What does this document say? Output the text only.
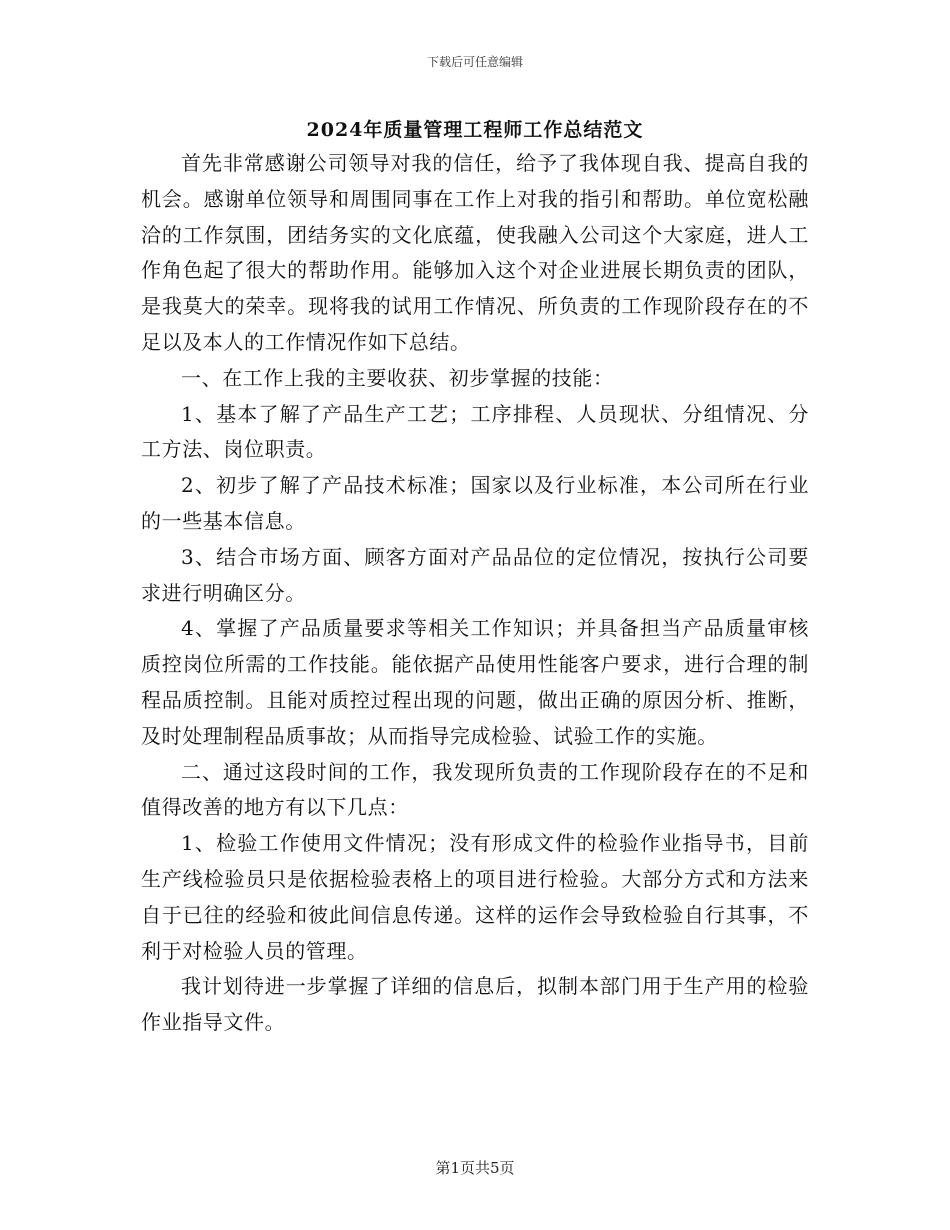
下载后可任意编辑
2024年质量管理工程师工作总结范文

首先非常感谢公司领导对我的信任，给予了我体现自我、提高自我的机会。感谢单位领导和周围同事在工作上对我的指引和帮助。单位宽松融洽的工作氛围，团结务实的文化底蕴，使我融入公司这个大家庭，进人工作角色起了很大的帮助作用。能够加入这个对企业进展长期负责的团队，是我莫大的荣幸。现将我的试用工作情况、所负责的工作现阶段存在的不足以及本人的工作情况作如下总结。

一、在工作上我的主要收获、初步掌握的技能：

1、基本了解了产品生产工艺；工序排程、人员现状、分组情况、分工方法、岗位职责。

2、初步了解了产品技术标准；国家以及行业标准，本公司所在行业的一些基本信息。

3、结合市场方面、顾客方面对产品品位的定位情况，按执行公司要求进行明确区分。

4、掌握了产品质量要求等相关工作知识；并具备担当产品质量审核质控岗位所需的工作技能。能依据产品使用性能客户要求，进行合理的制程品质控制。且能对质控过程出现的问题，做出正确的原因分析、推断，及时处理制程品质事故；从而指导完成检验、试验工作的实施。

二、通过这段时间的工作，我发现所负责的工作现阶段存在的不足和值得改善的地方有以下几点：

1、检验工作使用文件情况；没有形成文件的检验作业指导书，目前生产线检验员只是依据检验表格上的项目进行检验。大部分方式和方法来自于已往的经验和彼此间信息传递。这样的运作会导致检验自行其事，不利于对检验人员的管理。

我计划待进一步掌握了详细的信息后，拟制本部门用于生产用的检验作业指导文件。

第1页共5页
